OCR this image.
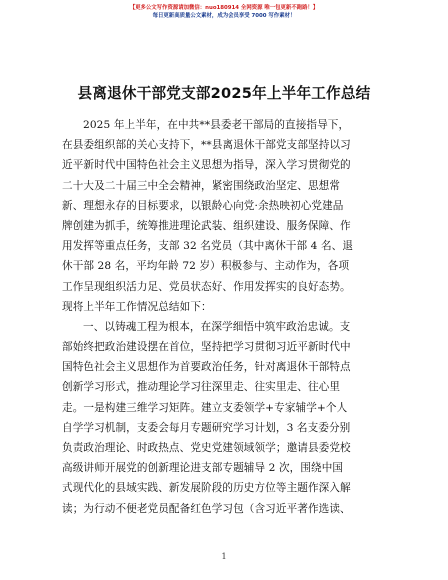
【更多公文写作资源请加微信：nuo180914 全网资源 唯一包更新不跑路！】
每日更新高质量公文素材，成为会员享受 7000 写作素材！
县离退休干部党支部2025年上半年工作总结
2025 年上半年，在中共**县委老干部局的直接指导下，
在县委组织部的关心支持下，**县离退休干部党支部坚持以习
近平新时代中国特色社会主义思想为指导，深入学习贯彻党的
二十大及二十届三中全会精神，紧密围绕政治坚定、思想常
新、理想永存的目标要求，以银龄心向党·余热映初心党建品
牌创建为抓手，统筹推进理论武装、组织建设、服务保障、作
用发挥等重点任务，支部 32 名党员（其中离休干部 4 名、退
休干部 28 名，平均年龄 72 岁）积极参与、主动作为，各项
工作呈现组织活力足、党员状态好、作用发挥实的良好态势。
现将上半年工作情况总结如下：
一、以铸魂工程为根本，在深学细悟中筑牢政治忠诚。支
部始终把政治建设摆在首位，坚持把学习贯彻习近平新时代中
国特色社会主义思想作为首要政治任务，针对离退休干部特点
创新学习形式，推动理论学习往深里走、往实里走、往心里
走。一是构建三维学习矩阵。建立支委领学+专家辅学+个人
自学学习机制，支委会每月专题研究学习计划，3 名支委分别
负责政治理论、时政热点、党史党建领域领学；邀请县委党校
高级讲师开展党的创新理论进支部专题辅导 2 次，围绕中国
式现代化的县域实践、新发展阶段的历史方位等主题作深入解
读；为行动不便老党员配备红色学习包（含习近平著作选读、
1
